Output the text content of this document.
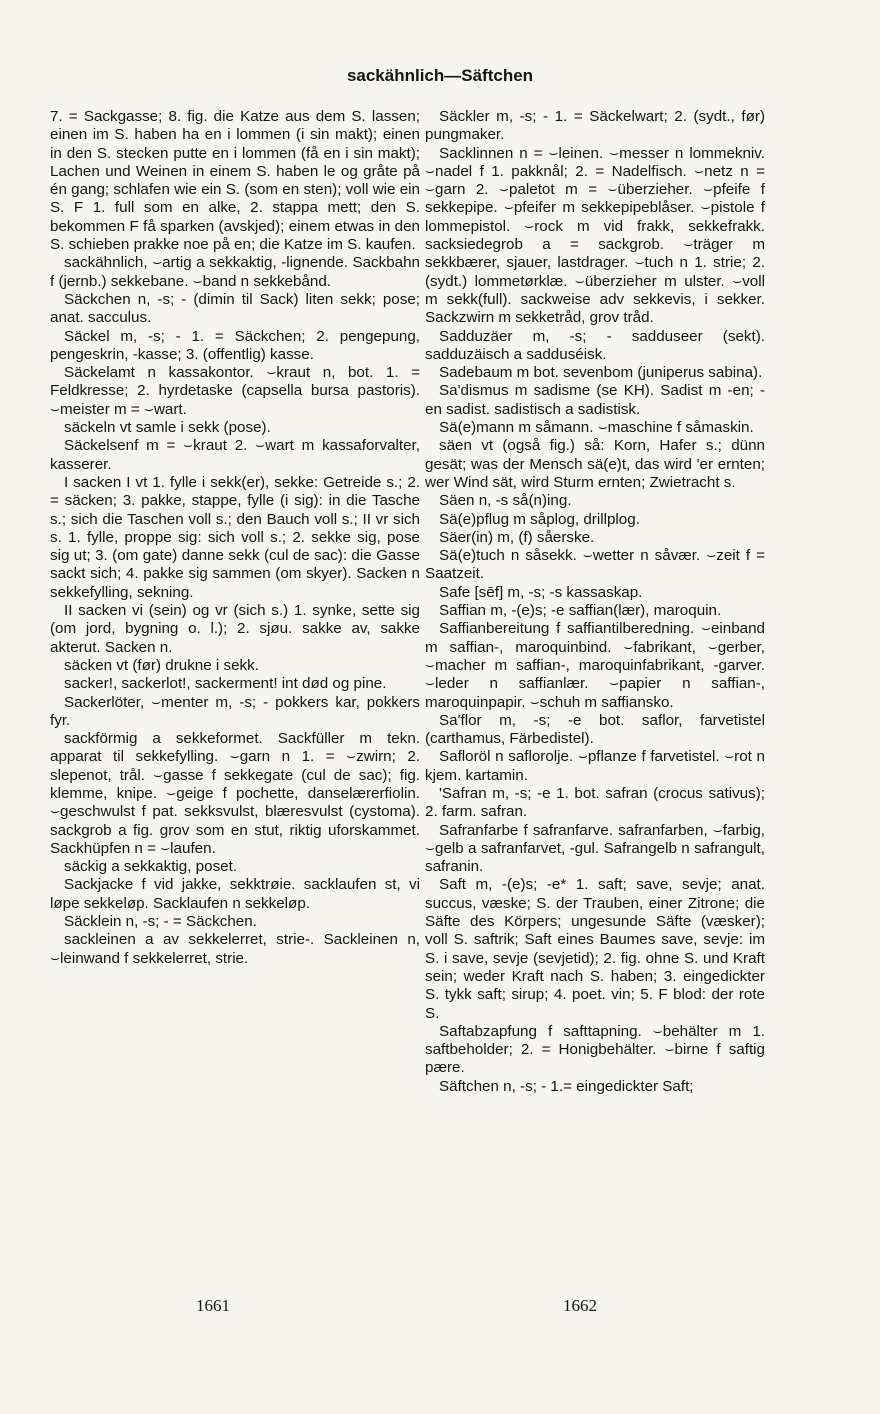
sackähnlich—Säftchen
7. = Sackgasse; 8. fig. die Katze aus dem S. lassen; einen im S. haben ha en i lommen (i sin makt); einen in den S. stecken putte en i lommen (få en i sin makt); Lachen und Weinen in einem S. haben le og gråte på én gang; schlafen wie ein S. (som en sten); voll wie ein S. F 1. full som en alke, 2. stappa mett; den S. bekommen F få sparken (avskjed); einem etwas in den S. schieben prakke noe på en; die Katze im S. kaufen.
sackähnlich, ⌣artig a sekkaktig, -lignende. Sackbahn f (jernb.) sekkebane. ⌣band n sekkebånd.
Säckchen n, -s; - (dimin til Sack) liten sekk; pose; anat. sacculus.
Säckel m, -s; - 1. = Säckchen; 2. pengepung, pengeskrin, -kasse; 3. (offentlig) kasse.
Säckelamt n kassakontor. ⌣kraut n, bot. 1. = Feldkresse; 2. hyrdetaske (capsella bursa pastoris). ⌣meister m = ⌣wart.
säckeln vt samle i sekk (pose).
Säckelsenf m = ⌣kraut 2. ⌣wart m kassaforvalter, kasserer.
I sacken I vt 1. fylle i sekk(er), sekke: Getreide s.; 2. = säcken; 3. pakke, stappe, fylle (i sig): in die Tasche s.; sich die Taschen voll s.; den Bauch voll s.; II vr sich s. 1. fylle, proppe sig: sich voll s.; 2. sekke sig, pose sig ut; 3. (om gate) danne sekk (cul de sac): die Gasse sackt sich; 4. pakke sig sammen (om skyer). Sacken n sekkefylling, sekning.
II sacken vi (sein) og vr (sich s.) 1. synke, sette sig (om jord, bygning o. l.); 2. sjøu. sakke av, sakke akterut. Sacken n.
säcken vt (før) drukne i sekk.
sacker!, sackerlot!, sackerment! int død og pine.
Sackerlöter, ⌣menter m, -s; - pokkers kar, pokkers fyr.
sackförmig a sekkeformet. Sackfüller m tekn. apparat til sekkefylling. ⌣garn n 1. = ⌣zwirn; 2. slepenot, trål. ⌣gasse f sekkegate (cul de sac); fig. klemme, knipe. ⌣geige f pochette, danselærerfiolin. ⌣geschwulst f pat. sekksvulst, blæresvulst (cystoma). sackgrob a fig. grov som en stut, riktig uforskammet. Sackhüpfen n = ⌣laufen.
säckig a sekkaktig, poset.
Sackjacke f vid jakke, sekktrøie. sacklaufen st, vi løpe sekkeløp. Sacklaufen n sekkeløp.
Säcklein n, -s; - = Säckchen.
sackleinen a av sekkelerret, strie-. Sackleinen n, ⌣leinwand f sekkelerret, strie.
Säckler m, -s; - 1. = Säckelwart; 2. (sydt., før) pungmaker.
Sacklinnen n = ⌣leinen. ⌣messer n lommekniv. ⌣nadel f 1. pakknål; 2. = Nadelfisch. ⌣netz n = ⌣garn 2. ⌣paletot m = ⌣überzieher. ⌣pfeife f sekkepipe. ⌣pfeifer m sekkepipeblåser. ⌣pistole f lommepistol. ⌣rock m vid frakk, sekkefrakk. sacksiedegrob a = sackgrob. ⌣träger m sekkbærer, sjauer, lastdrager. ⌣tuch n 1. strie; 2. (sydt.) lommetørklæ. ⌣überzieher m ulster. ⌣voll m sekk(full). sackweise adv sekkevis, i sekker. Sackzwirn m sekketråd, grov tråd.
Sadduzäer m, -s; - sadduseer (sekt). sadduzäisch a sadduséisk.
Sadebaum m bot. sevenbom (juniperus sabina).
Sa'dismus m sadisme (se KH). Sadist m -en; -en sadist. sadistisch a sadistisk.
Sä(e)mann m såmann. ⌣maschine f såmaskin.
säen vt (også fig.) så: Korn, Hafer s.; dünn gesät; was der Mensch sä(e)t, das wird 'er ernten; wer Wind sät, wird Sturm ernten; Zwietracht s.
Säen n, -s så(n)ing.
Sä(e)pflug m såplog, drillplog.
Säer(in) m, (f) såerske.
Sä(e)tuch n såsekk. ⌣wetter n såvær. ⌣zeit f = Saatzeit.
Safe [sēf] m, -s; -s kassaskap.
Saffian m, -(e)s; -e saffian(lær), maroquin.
Saffianbereitung f saffiantilberedning. ⌣einband m saffian-, maroquinbind. ⌣fabrikant, ⌣gerber, ⌣macher m saffian-, maroquinfabrikant, -garver. ⌣leder n saffianlær. ⌣papier n saffian-, maroquinpapir. ⌣schuh m saffiansko.
Sa'flor m, -s; -e bot. saflor, farvetistel (carthamus, Färbedistel).
Safloröl n saflorolje. ⌣pflanze f farvetistel. ⌣rot n kjem. kartamin.
'Safran m, -s; -e 1. bot. safran (crocus sativus); 2. farm. safran.
Safranfarbe f safranfarve. safranfarben, ⌣farbig, ⌣gelb a safranfarvet, -gul. Safrangelb n safrangult, safranin.
Saft m, -(e)s; -e* 1. saft; save, sevje; anat. succus, væske; S. der Trauben, einer Zitrone; die Säfte des Körpers; ungesunde Säfte (væsker); voll S. saftrik; Saft eines Baumes save, sevje: im S. i save, sevje (sevjetid); 2. fig. ohne S. und Kraft sein; weder Kraft nach S. haben; 3. eingedickter S. tykk saft; sirup; 4. poet. vin; 5. F blod: der rote S.
Saftabzapfung f safttapning. ⌣behälter m 1. saftbeholder; 2. = Honigbehälter. ⌣birne f saftig pære.
Säftchen n, -s; - 1.= eingedickter Saft;
1661	1662
